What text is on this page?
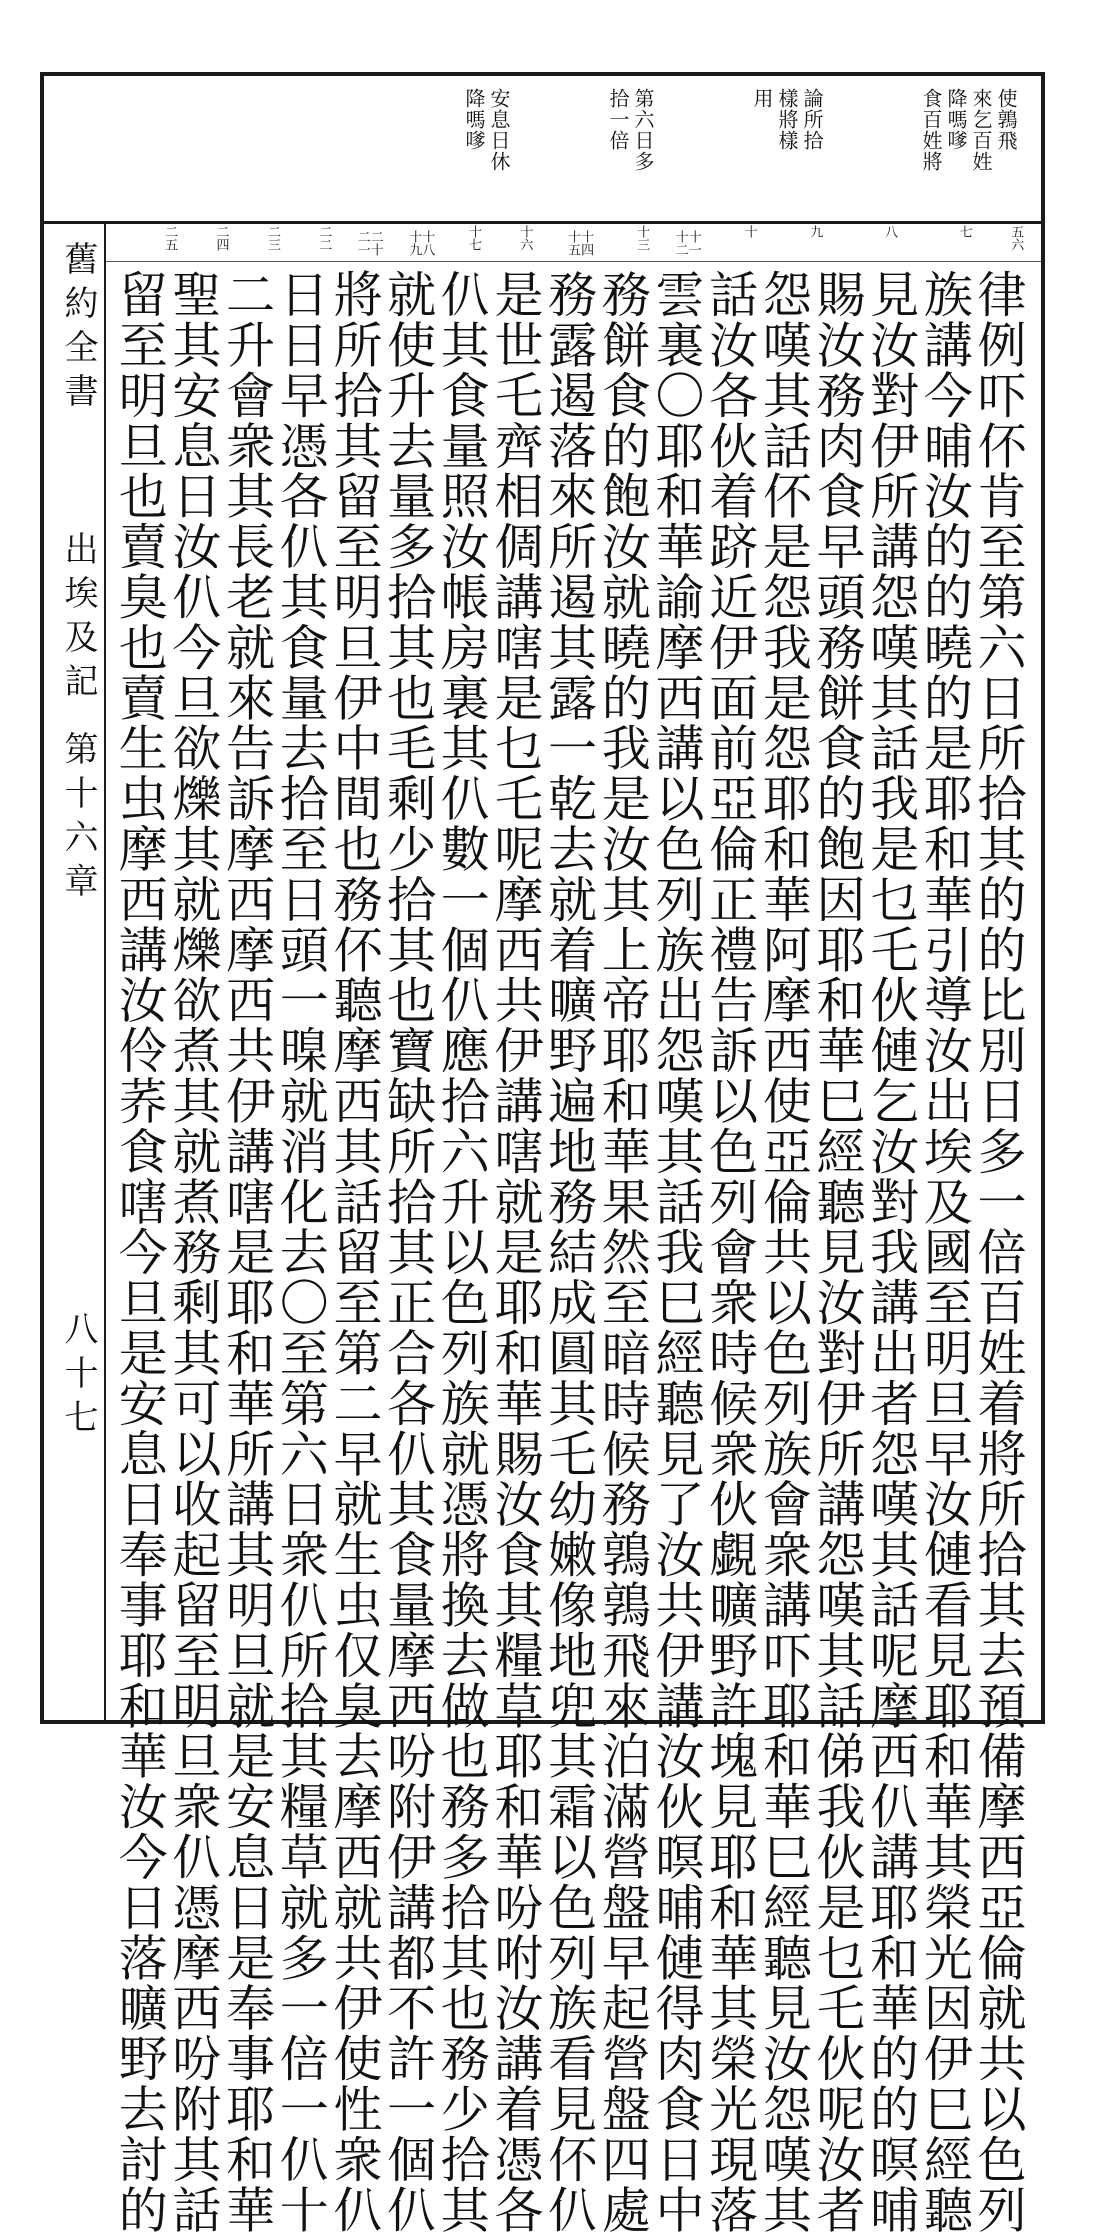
使鶉飛
來乞百姓
降嗎嗲
食百姓將
論所拾
樣將樣
用
第六日多
拾一倍
安息日休
降嗎嗲
舊約全書
出埃及記
第十六章
八十七
五六
七
八
九
十
十一十二
十三
十四十五
十六
十七
十八十九
二十二一
二二
二三
二四
二五
律例吓伓肯至第六日所拾其的的比別日多一倍百姓着將所拾其去預備摩西亞倫就共以色列
族講今晡汝的的曉的是耶和華引導汝出埃及國至明旦早汝僆看見耶和華其榮光因伊巳經聽
見汝對伊所講怨嘆其話我是乜乇伙僆乞汝對我講出者怨嘆其話呢摩西仈講耶和華的的暝晡
賜汝務肉食早頭務餅食的飽因耶和華巳經聽見汝對伊所講怨嘆其話俤我伙是乜乇伙呢汝者
怨嘆其話伓是怨我是怨耶和華阿摩西使亞倫共以色列族會衆講吓耶和華巳經聽見汝怨嘆其
話汝各伙着跻近伊面前亞倫正禮告訴以色列會衆時候衆伙覷曠野許塊見耶和華其榮光現落
雲裏〇耶和華諭摩西講以色列族出怨嘆其話我巳經聽見了汝共伊講汝伙暝晡僆得肉食日中
務餅食的飽汝就曉的我是汝其上帝耶和華果然至暗時候務鶉鶉飛來泊滿營盤早起營盤四處
務露遏落來所遏其露一乾去就着曠野遍地務結成圓其乇幼嫩像地兜其霜以色列族看見伓仈
是世乇齊相倜講嗐是乜乇呢摩西共伊講嗐就是耶和華賜汝食其糧草耶和華吩咐汝講着憑各
仈其食量照汝帳房裏其仈數一個仈應拾六升以色列族就憑將換去做也務多拾其也務少拾其
就使升去量多拾其也毛剩少拾其也寶缺所拾其正合各仈其食量摩西吩附伊講都不許一個仈
將所拾其留至明旦伊中間也務伓聽摩西其話留至第二早就生虫仅臭去摩西就共伊使性衆仈
日日早憑各仈其食量去拾至日頭一暞就消化去〇至第六日衆仈所拾其糧草就多一倍一仈十
二升會衆其長老就來告訴摩西摩西共伊講嗐是耶和華所講其明旦就是安息日是奉事耶和華
聖其安息日汝仈今旦欲爍其就爍欲煮其就煮務剩其可以收起留至明旦衆仈憑摩西吩附其話
留至明旦也賣臭也賣生虫摩西講汝伶荞食嗐今旦是安息日奉事耶和華汝今日落曠野去討的
